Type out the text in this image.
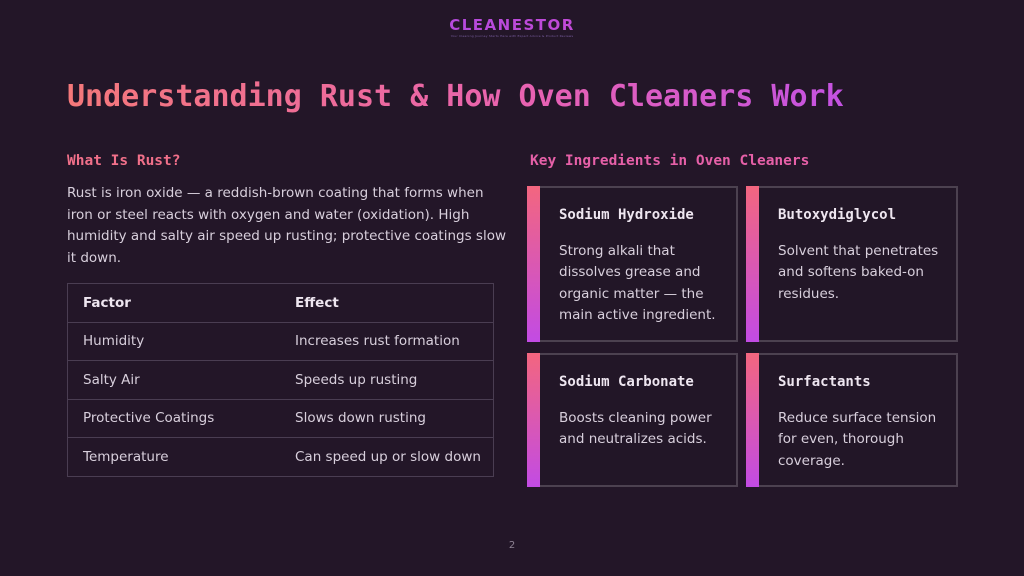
CLEANESTOR
Your Cleaning Journey Starts Here with Expert Advice & Product Reviews
Understanding Rust & How Oven Cleaners Work
What Is Rust?

Rust is iron oxide — a reddish-brown coating that forms when iron or steel reacts with oxygen and water (oxidation). High humidity and salty air speed up rusting; protective coatings slow it down.

Factor	Effect
Humidity	Increases rust formation
Salty Air	Speeds up rusting
Protective Coatings	Slows down rusting
Temperature	Can speed up or slow down
Key Ingredients in Oven Cleaners
Sodium Hydroxide

Strong alkali that dissolves grease and organic matter — the main active ingredient.

Butoxydiglycol

Solvent that penetrates and softens baked-on residues.

Sodium Carbonate

Boosts cleaning power and neutralizes acids.

Surfactants

Reduce surface tension for even, thorough coverage.

2
